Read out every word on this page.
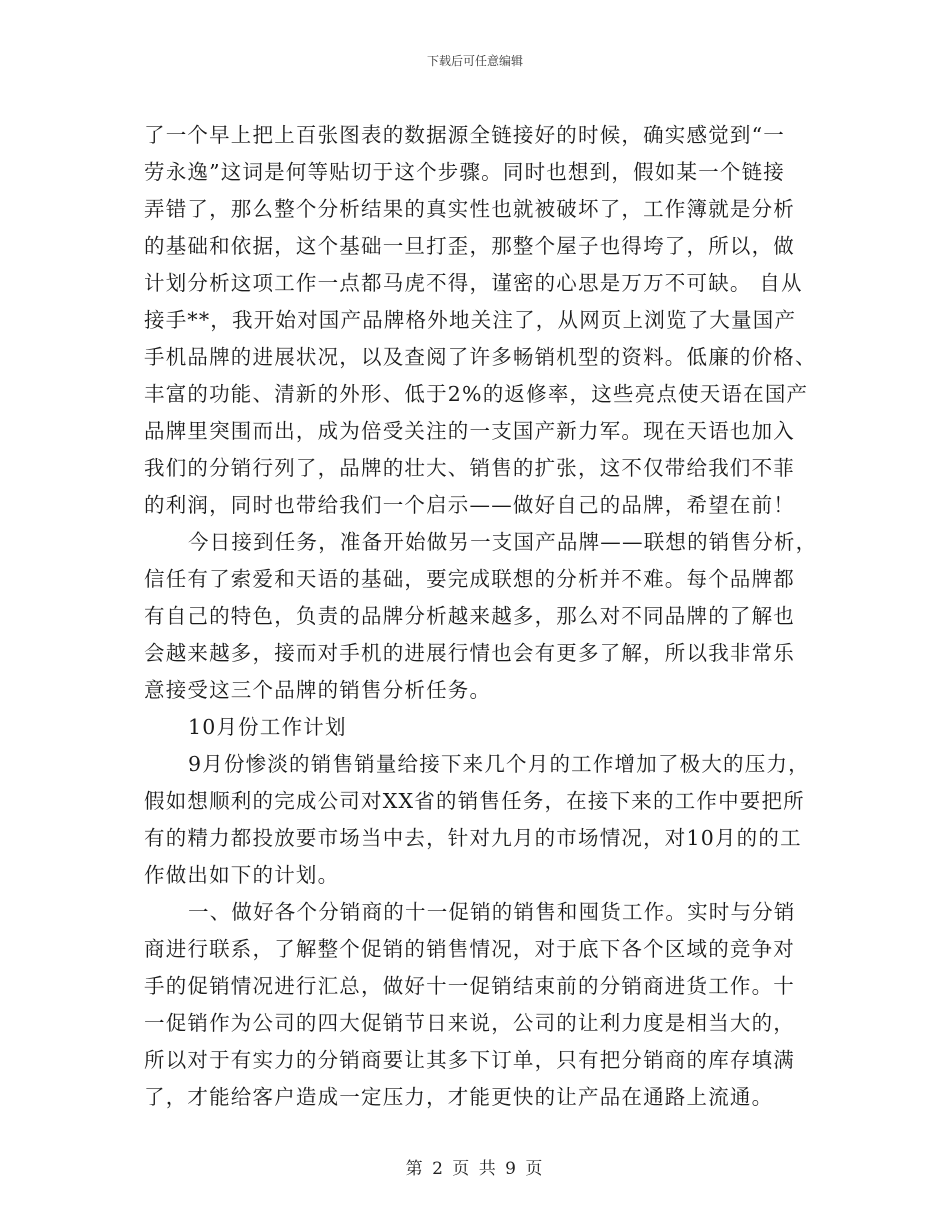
下载后可任意编辑
了一个早上把上百张图表的数据源全链接好的时候，确实感觉到“一
劳永逸”这词是何等贴切于这个步骤。同时也想到，假如某一个链接
弄错了，那么整个分析结果的真实性也就被破坏了，工作簿就是分析
的基础和依据，这个基础一旦打歪，那整个屋子也得垮了，所以，做
计划分析这项工作一点都马虎不得，谨密的心思是万万不可缺。 自从
接手**，我开始对国产品牌格外地关注了，从网页上浏览了大量国产
手机品牌的进展状况，以及查阅了许多畅销机型的资料。低廉的价格、
丰富的功能、清新的外形、低于2%的返修率，这些亮点使天语在国产
品牌里突围而出，成为倍受关注的一支国产新力军。现在天语也加入
我们的分销行列了，品牌的壮大、销售的扩张，这不仅带给我们不菲
的利润，同时也带给我们一个启示——做好自己的品牌，希望在前！
今日接到任务，准备开始做另一支国产品牌——联想的销售分析，
信任有了索爱和天语的基础，要完成联想的分析并不难。每个品牌都
有自己的特色，负责的品牌分析越来越多，那么对不同品牌的了解也
会越来越多，接而对手机的进展行情也会有更多了解，所以我非常乐
意接受这三个品牌的销售分析任务。
10月份工作计划
9月份惨淡的销售销量给接下来几个月的工作增加了极大的压力，
假如想顺利的完成公司对XX省的销售任务，在接下来的工作中要把所
有的精力都投放要市场当中去，针对九月的市场情况，对10月的的工
作做出如下的计划。
一、做好各个分销商的十一促销的销售和囤货工作。实时与分销
商进行联系，了解整个促销的销售情况，对于底下各个区域的竞争对
手的促销情况进行汇总，做好十一促销结束前的分销商进货工作。十
一促销作为公司的四大促销节日来说，公司的让利力度是相当大的，
所以对于有实力的分销商要让其多下订单，只有把分销商的库存填满
了，才能给客户造成一定压力，才能更快的让产品在通路上流通。
第 2 页 共 9 页
